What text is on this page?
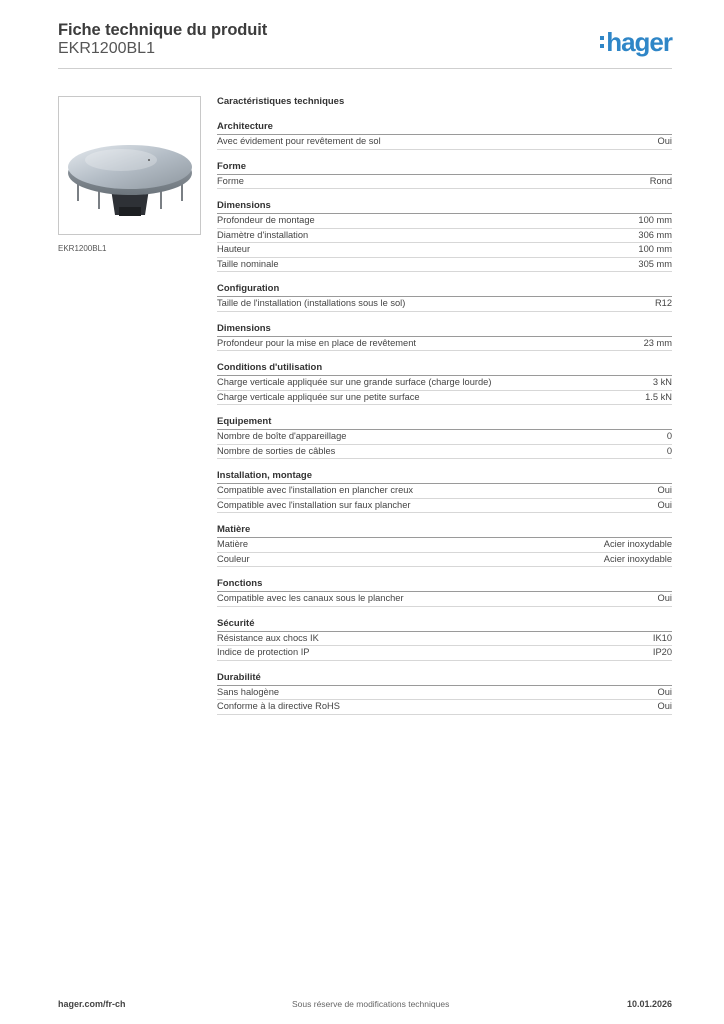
Fiche technique du produit
EKR1200BL1	hager
EKR1200BL1
Caractéristiques techniques
Architecture
Avec évidement pour revêtement de sol	Oui
Forme
Forme	Rond
Dimensions
Profondeur de montage	100 mm
Diamètre d'installation	306 mm
Hauteur	100 mm
Taille nominale	305 mm
Configuration
Taille de l'installation (installations sous le sol)	R12
Dimensions
Profondeur pour la mise en place de revêtement	23 mm
Conditions d'utilisation
Charge verticale appliquée sur une grande surface (charge lourde)	3 kN
Charge verticale appliquée sur une petite surface	1.5 kN
Equipement
Nombre de boîte d'appareillage	0
Nombre de sorties de câbles	0
Installation, montage
Compatible avec l'installation en plancher creux	Oui
Compatible avec l'installation sur faux plancher	Oui
Matière
Matière	Acier inoxydable
Couleur	Acier inoxydable
Fonctions
Compatible avec les canaux sous le plancher	Oui
Sécurité
Résistance aux chocs IK	IK10
Indice de protection IP	IP20
Durabilité
Sans halogène	Oui
Conforme à la directive RoHS	Oui
hager.com/fr-ch	Sous réserve de modifications techniques	10.01.2026
